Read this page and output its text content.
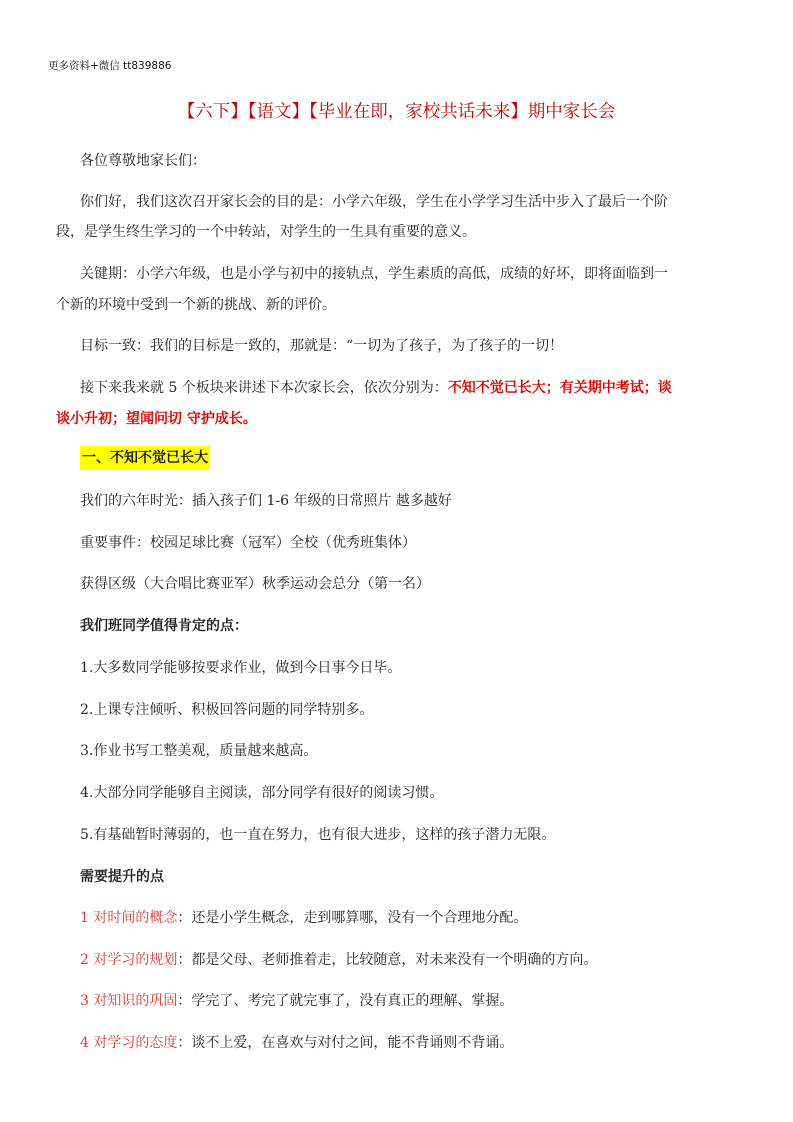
更多资料+微信 tt839886
【六下】【语文】【毕业在即，家校共话未来】期中家长会
各位尊敬地家长们：
你们好，我们这次召开家长会的目的是：小学六年级，学生在小学学习生活中步入了最后一个阶
段，是学生终生学习的一个中转站，对学生的一生具有重要的意义。
关键期：小学六年级，也是小学与初中的接轨点，学生素质的高低，成绩的好坏，即将面临到一
个新的环境中受到一个新的挑战、新的评价。
目标一致：我们的目标是一致的，那就是：“一切为了孩子，为了孩子的一切！
接下来我来就 5 个板块来讲述下本次家长会，依次分别为：不知不觉已长大；有关期中考试；谈
谈小升初；望闻问切 守护成长。
一、不知不觉已长大
我们的六年时光：插入孩子们 1-6 年级的日常照片 越多越好
重要事件：校园足球比赛（冠军）全校（优秀班集体）
获得区级（大合唱比赛亚军）秋季运动会总分（第一名）
我们班同学值得肯定的点：
1.大多数同学能够按要求作业，做到今日事今日毕。
2.上课专注倾听、积极回答问题的同学特别多。
3.作业书写工整美观，质量越来越高。
4.大部分同学能够自主阅读，部分同学有很好的阅读习惯。
5.有基础暂时薄弱的，也一直在努力，也有很大进步，这样的孩子潜力无限。
需要提升的点
1 对时间的概念：还是小学生概念，走到哪算哪，没有一个合理地分配。
2 对学习的规划：都是父母、老师推着走，比较随意，对未来没有一个明确的方向。
3 对知识的巩固：学完了、考完了就完事了，没有真正的理解、掌握。
4 对学习的态度：谈不上爱，在喜欢与对付之间，能不背诵则不背诵。
